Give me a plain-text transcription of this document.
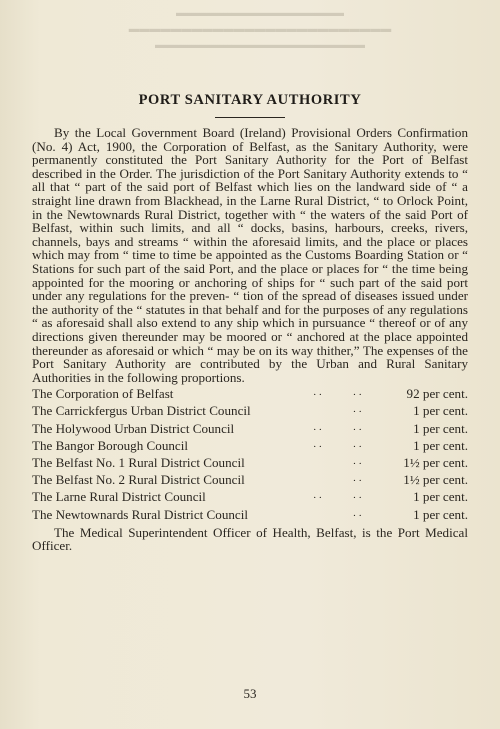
▬▬▬▬▬▬▬▬▬▬▬▬▬▬▬▬
▬▬▬▬▬▬▬▬▬▬▬▬▬▬▬▬▬▬▬▬▬▬▬▬▬
▬▬▬▬▬▬▬▬▬▬▬▬▬▬▬▬▬▬▬▬
PORT SANITARY AUTHORITY

By the Local Government Board (Ireland) Provisional Orders Confirmation (No. 4) Act, 1900, the Corporation of Belfast, as the Sanitary Authority, were permanently constituted the Port Sanitary Authority for the Port of Belfast described in the Order. The jurisdiction of the Port Sanitary Authority extends to “ all that “ part of the said port of Belfast which lies on the landward side of “ a straight line drawn from Blackhead, in the Larne Rural District, “ to Orlock Point, in the Newtownards Rural District, together with “ the waters of the said Port of Belfast, within such limits, and all “ docks, basins, harbours, creeks, rivers, channels, bays and streams “ within the aforesaid limits, and the place or places which may from “ time to time be appointed as the Customs Boarding Station or “ Stations for such part of the said Port, and the place or places for “ the time being appointed for the mooring or anchoring of ships for “ such part of the said port under any regulations for the preven- “ tion of the spread of diseases issued under the authority of the “ statutes in that behalf and for the purposes of any regulations “ as aforesaid shall also extend to any ship which in pursuance “ thereof or of any directions given thereunder may be moored or “ anchored at the place appointed thereunder as aforesaid or which “ may be on its way thither,” The expenses of the Port Sanitary Authority are contributed by the Urban and Rural Sanitary Authorities in the following proportions.

The Corporation of Belfast	··      ··	92 per cent.
The Carrickfergus Urban District Council	··	1 per cent.
The Holywood Urban District Council	··      ··	1 per cent.
The Bangor Borough Council	··      ··	1 per cent.
The Belfast No. 1 Rural District Council	··	1½ per cent.
The Belfast No. 2 Rural District Council	··	1½ per cent.
The Larne Rural District Council	··      ··	1 per cent.
The Newtownards Rural District Council	··	1 per cent.

The Medical Superintendent Officer of Health, Belfast, is the Port Medical Officer.

53
